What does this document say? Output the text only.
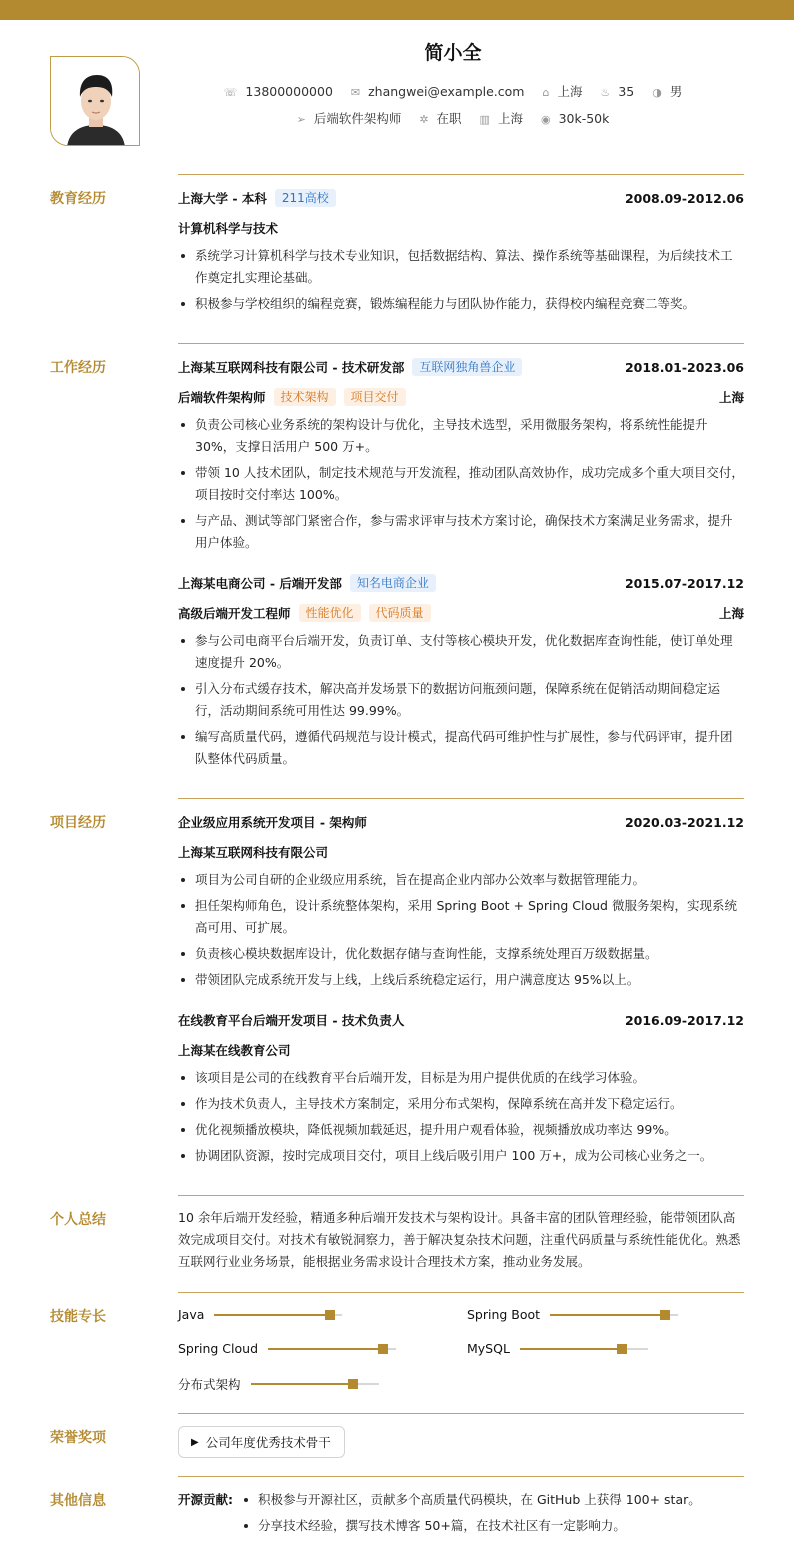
简小全
☏ 13800000000 ✉ zhangwei@example.com ⌂ 上海 ♨ 35 ◑ 男
➢ 后端软件架构师 ✲ 在职 ▥ 上海 ◉ 30k-50k
教育经历	上海大学 - 本科	211高校	2008.09-2012.06
计算机科学与技术
系统学习计算机科学与技术专业知识，包括数据结构、算法、操作系统等基础课程，为后续技术工作奠定扎实理论基础。
积极参与学校组织的编程竞赛，锻炼编程能力与团队协作能力，获得校内编程竞赛二等奖。
工作经历	上海某互联网科技有限公司 - 技术研发部	互联网独角兽企业	2018.01-2023.06
后端软件架构师	技术架构	项目交付	上海
负责公司核心业务系统的架构设计与优化，主导技术选型，采用微服务架构，将系统性能提升 30%，支撑日活用户 500 万+。
带领 10 人技术团队，制定技术规范与开发流程，推动团队高效协作，成功完成多个重大项目交付，项目按时交付率达 100%。
与产品、测试等部门紧密合作，参与需求评审与技术方案讨论，确保技术方案满足业务需求，提升用户体验。
上海某电商公司 - 后端开发部	知名电商企业	2015.07-2017.12
高级后端开发工程师	性能优化	代码质量	上海
参与公司电商平台后端开发，负责订单、支付等核心模块开发，优化数据库查询性能，使订单处理速度提升 20%。
引入分布式缓存技术，解决高并发场景下的数据访问瓶颈问题，保障系统在促销活动期间稳定运行，活动期间系统可用性达 99.99%。
编写高质量代码，遵循代码规范与设计模式，提高代码可维护性与扩展性，参与代码评审，提升团队整体代码质量。
项目经历	企业级应用系统开发项目 - 架构师	2020.03-2021.12
上海某互联网科技有限公司
项目为公司自研的企业级应用系统，旨在提高企业内部办公效率与数据管理能力。
担任架构师角色，设计系统整体架构，采用 Spring Boot + Spring Cloud 微服务架构，实现系统高可用、可扩展。
负责核心模块数据库设计，优化数据存储与查询性能，支撑系统处理百万级数据量。
带领团队完成系统开发与上线，上线后系统稳定运行，用户满意度达 95%以上。
在线教育平台后端开发项目 - 技术负责人	2016.09-2017.12
上海某在线教育公司
该项目是公司的在线教育平台后端开发，目标是为用户提供优质的在线学习体验。
作为技术负责人，主导技术方案制定，采用分布式架构，保障系统在高并发下稳定运行。
优化视频播放模块，降低视频加载延迟，提升用户观看体验，视频播放成功率达 99%。
协调团队资源，按时完成项目交付，项目上线后吸引用户 100 万+，成为公司核心业务之一。
个人总结	10 余年后端开发经验，精通多种后端开发技术与架构设计。具备丰富的团队管理经验，能带领团队高效完成项目交付。对技术有敏锐洞察力，善于解决复杂技术问题，注重代码质量与系统性能优化。熟悉互联网行业业务场景，能根据业务需求设计合理技术方案，推动业务发展。
技能专长	Java	Spring Boot
Spring Cloud	MySQL
分布式架构
荣誉奖项	▶ 公司年度优秀技术骨干
其他信息	开源贡献:	积极参与开源社区，贡献多个高质量代码模块，在 GitHub 上获得 100+ star。
分享技术经验，撰写技术博客 50+篇，在技术社区有一定影响力。
